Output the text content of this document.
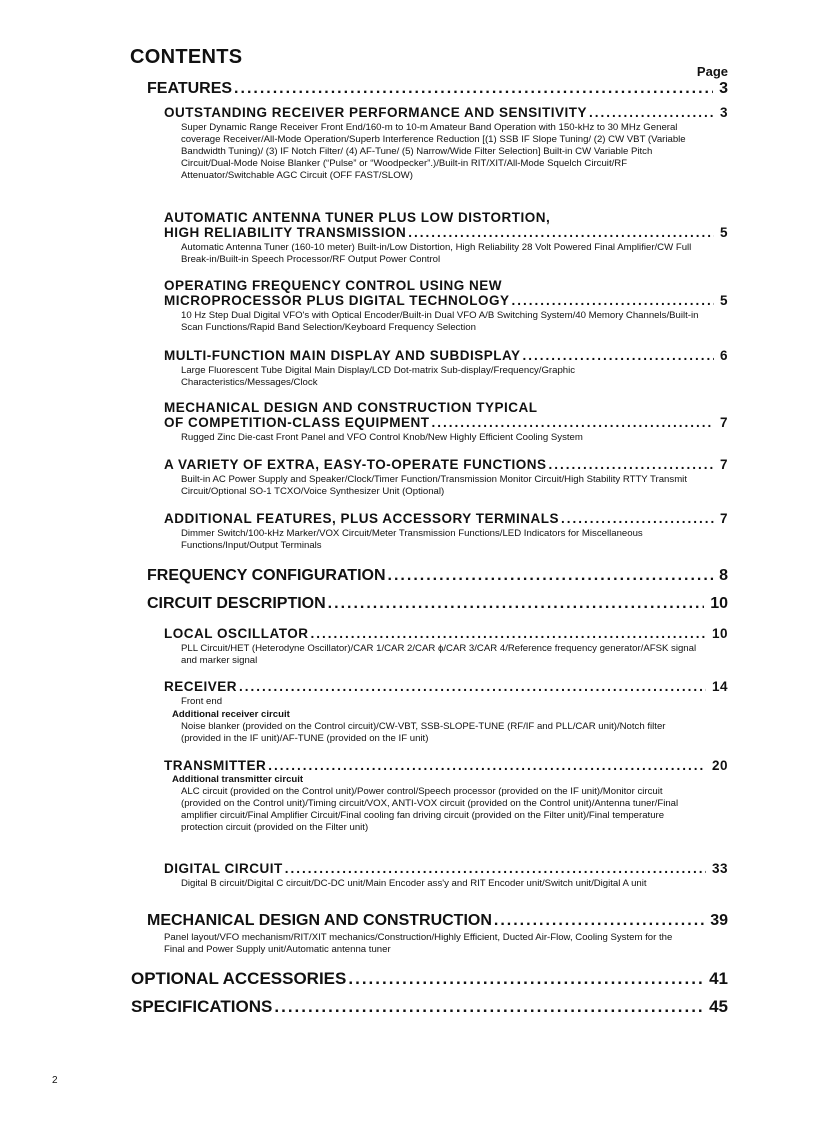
CONTENTS
Page
FEATURES .....	3
OUTSTANDING RECEIVER PERFORMANCE AND SENSITIVITY .....	3
Super Dynamic Range Receiver Front End/160-m to 10-m Amateur Band Operation with 150-kHz to 30 MHz General coverage Receiver/All-Mode Operation/Superb Interference Reduction [(1) SSB IF Slope Tuning/ (2) CW VBT (Variable Bandwidth Tuning)/ (3) IF Notch Filter/ (4) AF-Tune/ (5) Narrow/Wide Filter Selection] Built-in CW Variable Pitch Circuit/Dual-Mode Noise Blanker (“Pulse” or “Woodpecker”.)/Built-in RIT/XIT/All-Mode Squelch Circuit/RF Attenuator/Switchable AGC Circuit (OFF FAST/SLOW)
AUTOMATIC ANTENNA TUNER PLUS LOW DISTORTION,
HIGH RELIABILITY TRANSMISSION .....	5
Automatic Antenna Tuner (160-10 meter) Built-in/Low Distortion, High Reliability 28 Volt Powered Final Amplifier/CW Full Break-in/Built-in Speech Processor/RF Output Power Control
OPERATING FREQUENCY CONTROL USING NEW
MICROPROCESSOR PLUS DIGITAL TECHNOLOGY .....	5
10 Hz Step Dual Digital VFO's with Optical Encoder/Built-in Dual VFO A/B Switching System/40 Memory Channels/Built-in Scan Functions/Rapid Band Selection/Keyboard Frequency Selection
MULTI-FUNCTION MAIN DISPLAY AND SUBDISPLAY .....	6
Large Fluorescent Tube Digital Main Display/LCD Dot-matrix Sub-display/Frequency/Graphic Characteristics/Messages/Clock
MECHANICAL DESIGN AND CONSTRUCTION TYPICAL
OF COMPETITION-CLASS EQUIPMENT .....	7
Rugged Zinc Die-cast Front Panel and VFO Control Knob/New Highly Efficient Cooling System
A VARIETY OF EXTRA, EASY-TO-OPERATE FUNCTIONS .....	7
Built-in AC Power Supply and Speaker/Clock/Timer Function/Transmission Monitor Circuit/High Stability RTTY Transmit Circuit/Optional SO-1 TCXO/Voice Synthesizer Unit (Optional)
ADDITIONAL FEATURES, PLUS ACCESSORY TERMINALS .....	7
Dimmer Switch/100-kHz Marker/VOX Circuit/Meter Transmission Functions/LED Indicators for Miscellaneous Functions/Input/Output Terminals
FREQUENCY CONFIGURATION .....	8
CIRCUIT DESCRIPTION .....	10
LOCAL OSCILLATOR .....	10
PLL Circuit/HET (Heterodyne Oscillator)/CAR 1/CAR 2/CAR ϕ/CAR 3/CAR 4/Reference frequency generator/AFSK signal and marker signal
RECEIVER .....	14
Front end
Additional receiver circuit
Noise blanker (provided on the Control circuit)/CW-VBT, SSB-SLOPE-TUNE (RF/IF and PLL/CAR unit)/Notch filter (provided in the IF unit)/AF-TUNE (provided on the IF unit)
TRANSMITTER .....	20
Additional transmitter circuit
ALC circuit (provided on the Control unit)/Power control/Speech processor (provided on the IF unit)/Monitor circuit (provided on the Control unit)/Timing circuit/VOX, ANTI-VOX circuit (provided on the Control unit)/Antenna tuner/Final amplifier circuit/Final Amplifier Circuit/Final cooling fan driving circuit (provided on the Filter unit)/Final temperature protection circuit (provided on the Filter unit)
DIGITAL CIRCUIT .....	33
Digital B circuit/Digital C circuit/DC-DC unit/Main Encoder ass'y and RIT Encoder unit/Switch unit/Digital A unit
MECHANICAL DESIGN AND CONSTRUCTION .....	39
Panel layout/VFO mechanism/RIT/XIT mechanics/Construction/Highly Efficient, Ducted Air-Flow, Cooling System for the Final and Power Supply unit/Automatic antenna tuner
OPTIONAL ACCESSORIES .....	41
SPECIFICATIONS .....	45
2
